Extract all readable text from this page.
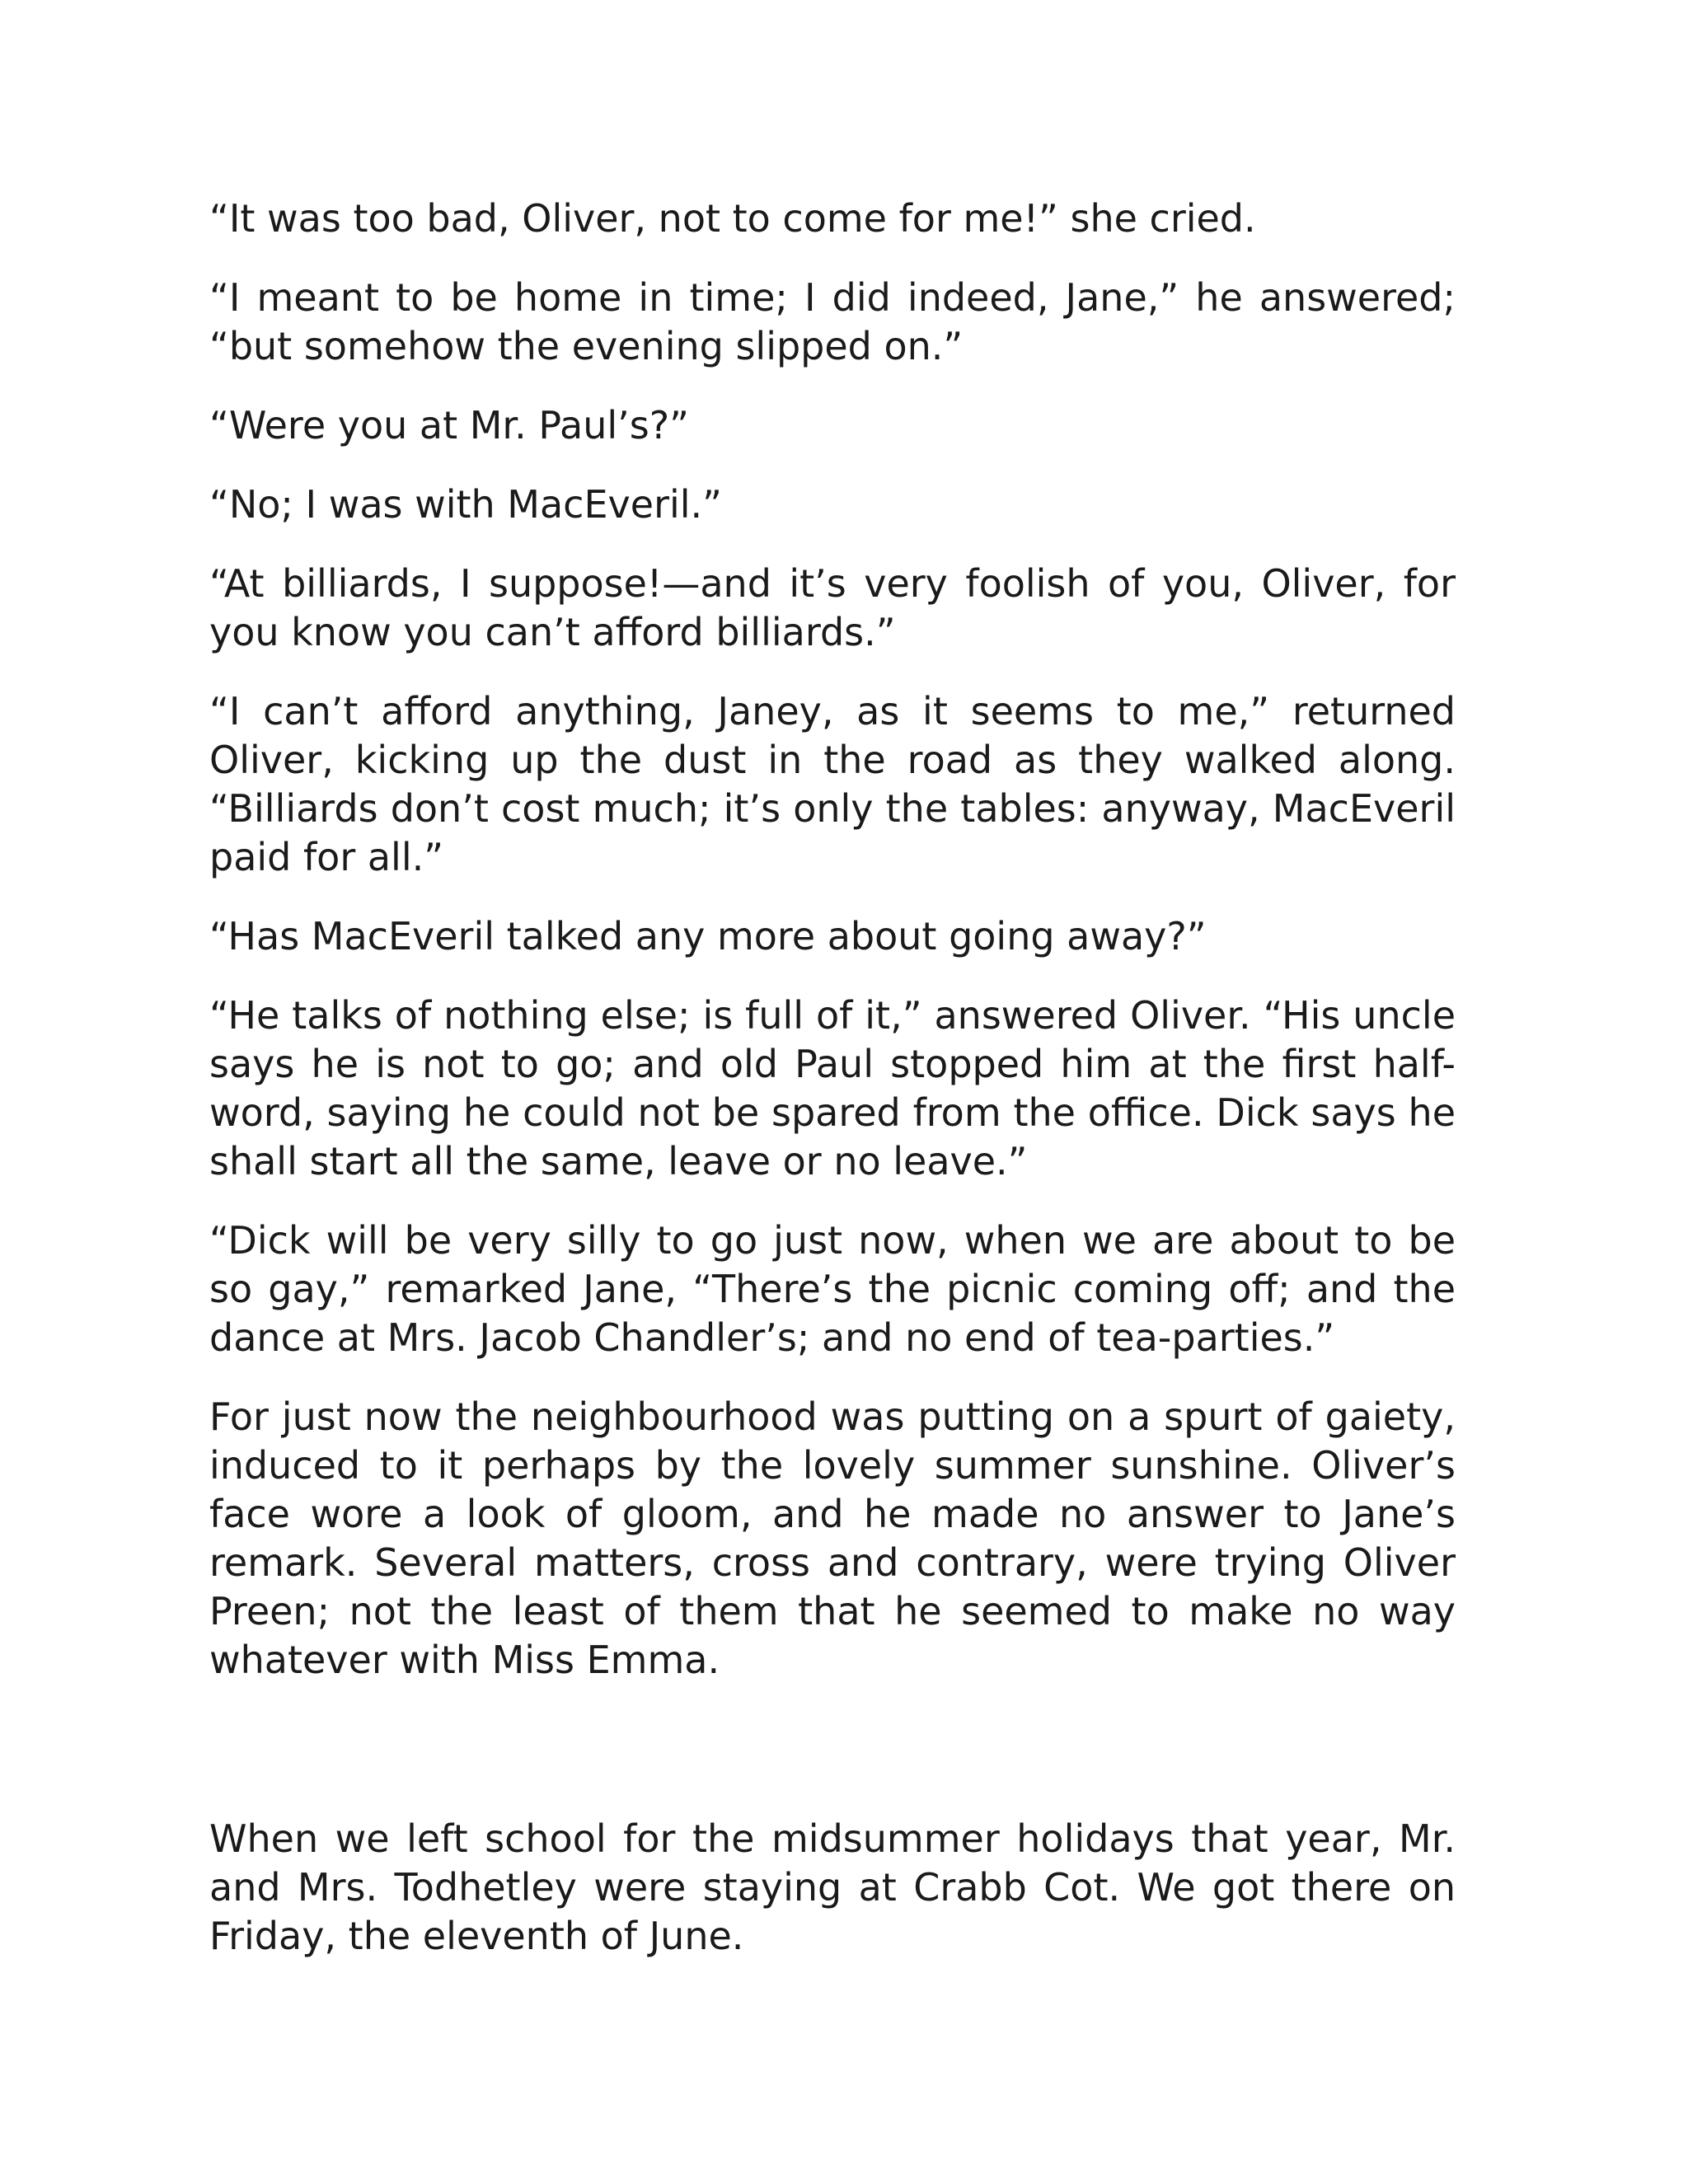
“It was too bad, Oliver, not to come for me!” she cried.

“I meant to be home in time; I did indeed, Jane,” he answered; “but somehow the evening slipped on.”

“Were you at Mr. Paul’s?”

“No; I was with MacEveril.”

“At billiards, I suppose!—and it’s very foolish of you, Oliver, for you know you can’t afford billiards.”

“I can’t afford anything, Janey, as it seems to me,” returned Oliver, kicking up the dust in the road as they walked along. “Billiards don’t cost much; it’s only the tables: anyway, MacEveril paid for all.”

“Has MacEveril talked any more about going away?”

“He talks of nothing else; is full of it,” answered Oliver. “His uncle says he is not to go; and old Paul stopped him at the first half-word, saying he could not be spared from the office. Dick says he shall start all the same, leave or no leave.”

“Dick will be very silly to go just now, when we are about to be so gay,” remarked Jane, “There’s the picnic coming off; and the dance at Mrs. Jacob Chandler’s; and no end of tea-parties.”

For just now the neighbourhood was putting on a spurt of gaiety, induced to it perhaps by the lovely summer sunshine. Oliver’s face wore a look of gloom, and he made no answer to Jane’s remark. Several matters, cross and contrary, were trying Oliver Preen; not the least of them that he seemed to make no way whatever with Miss Emma.

When we left school for the midsummer holidays that year, Mr. and Mrs. Todhetley were staying at Crabb Cot. We got there on Friday, the eleventh of June.
